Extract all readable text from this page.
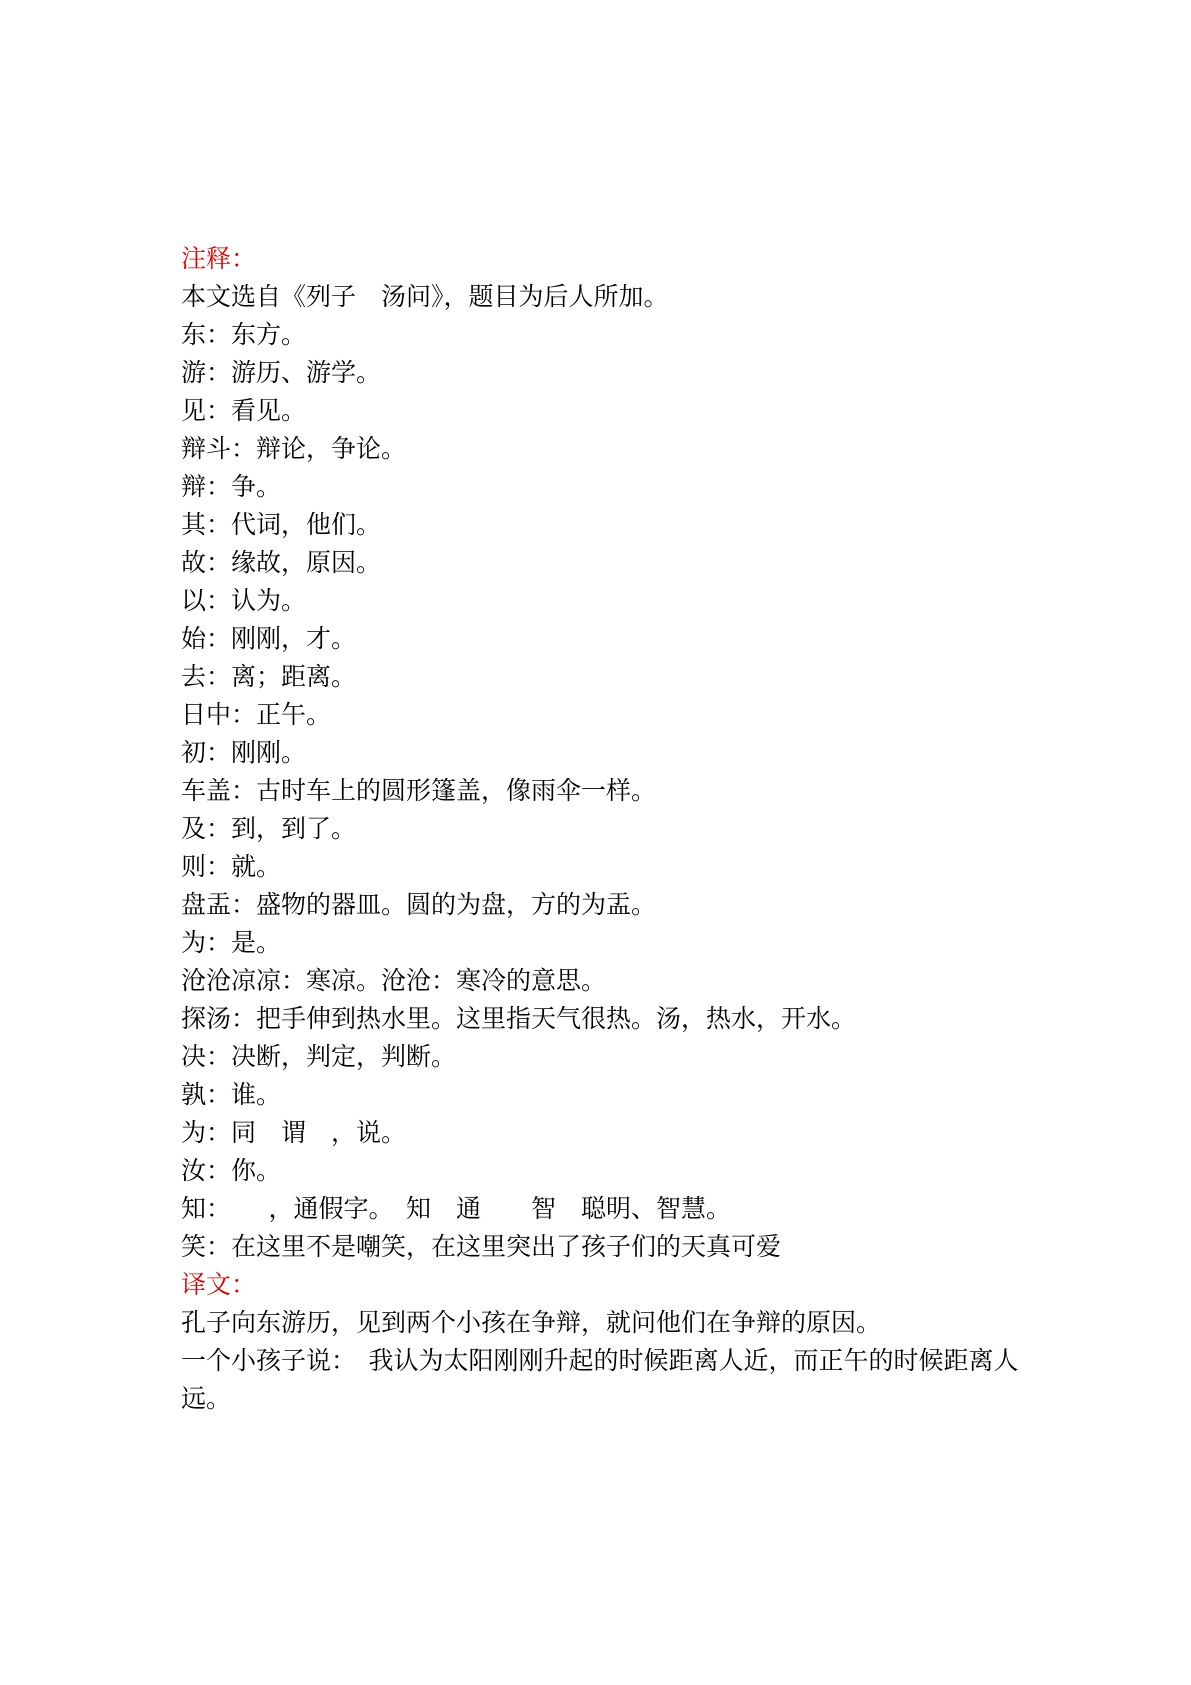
注释：
本文选自《列子　汤问》，题目为后人所加。
东：东方。
游：游历、游学。
见：看见。
辩斗：辩论，争论。
辩：争。
其：代词，他们。
故：缘故，原因。
以：认为。
始：刚刚，才。
去：离；距离。
日中：正午。
初：刚刚。
车盖：古时车上的圆形篷盖，像雨伞一样。
及：到，到了。
则：就。
盘盂：盛物的器皿。圆的为盘，方的为盂。
为：是。
沧沧凉凉：寒凉。沧沧：寒冷的意思。
探汤：把手伸到热水里。这里指天气很热。汤，热水，开水。
决：决断，判定，判断。
孰：谁。
为：同　谓　，说。
汝：你。
知：　　，通假字。　知　通　　智　聪明、智慧。
笑：在这里不是嘲笑，在这里突出了孩子们的天真可爱
译文：

孔子向东游历，见到两个小孩在争辩，就问他们在争辩的原因。

一个小孩子说：　我认为太阳刚刚升起的时候距离人近，而正午的时候距离人远。
